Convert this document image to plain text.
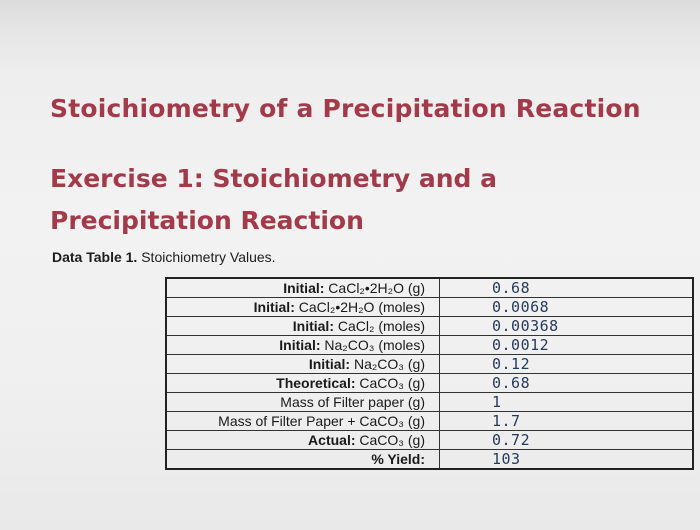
Stoichiometry of a Precipitation Reaction
Exercise 1: Stoichiometry and a Precipitation Reaction
Data Table 1. Stoichiometry Values.
Initial: CaCl₂•2H₂O (g)	0.68
Initial: CaCl₂•2H₂O (moles)	0.0068
Initial: CaCl₂ (moles)	0.00368
Initial: Na₂CO₃ (moles)	0.0012
Initial: Na₂CO₃ (g)	0.12
Theoretical: CaCO₃ (g)	0.68
Mass of Filter paper (g)	1
Mass of Filter Paper + CaCO₃ (g)	1.7
Actual: CaCO₃ (g)	0.72
% Yield:	103
